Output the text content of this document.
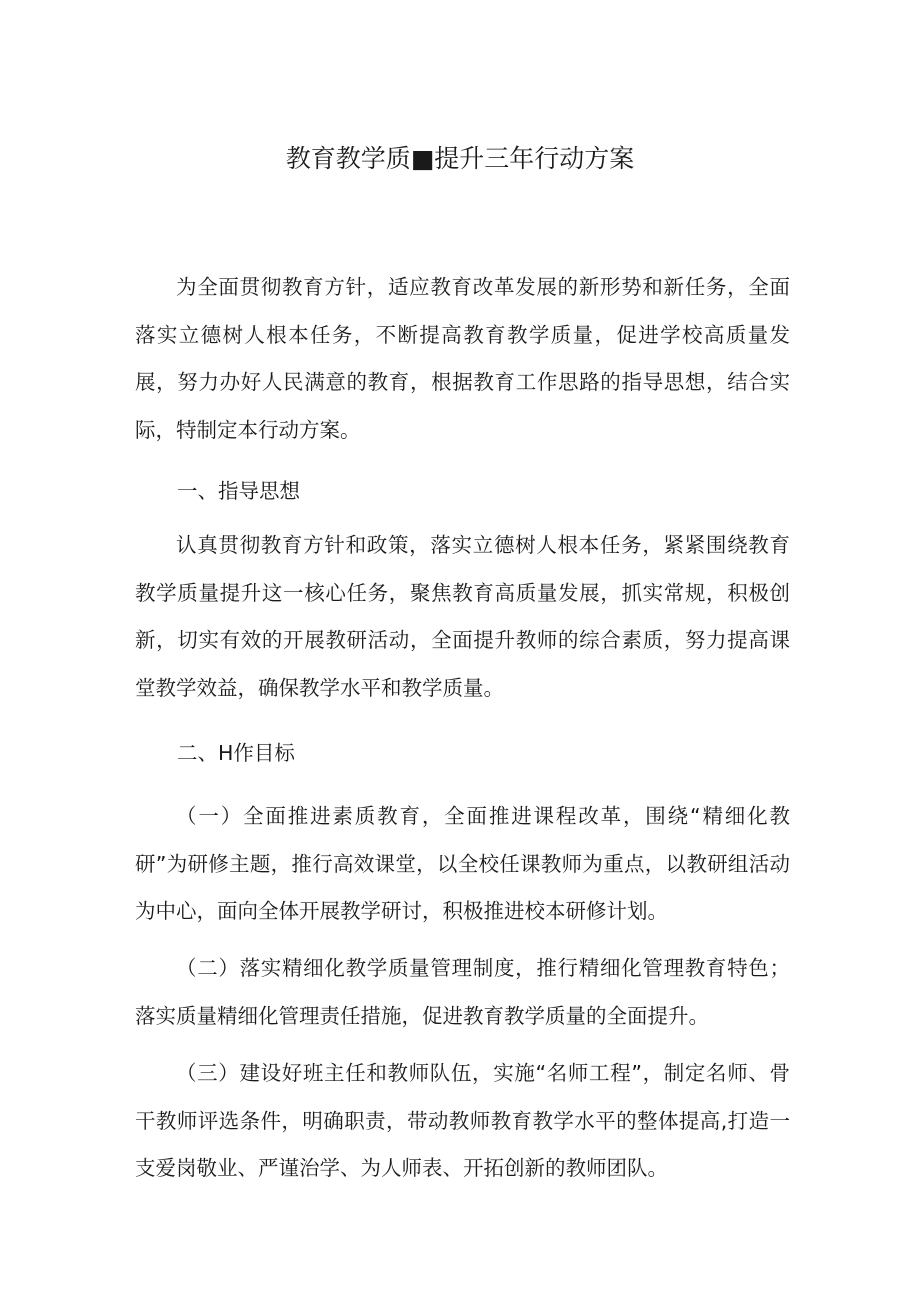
教育教学质■提升三年行动方案

为全面贯彻教育方针，适应教育改革发展的新形势和新任务，全面落实立德树人根本任务，不断提高教育教学质量，促进学校高质量发展，努力办好人民满意的教育，根据教育工作思路的指导思想，结合实际，特制定本行动方案。

一、指导思想

认真贯彻教育方针和政策，落实立德树人根本任务，紧紧围绕教育教学质量提升这一核心任务，聚焦教育高质量发展，抓实常规，积极创新，切实有效的开展教研活动，全面提升教师的综合素质，努力提高课堂教学效益，确保教学水平和教学质量。

二、H作目标

（一）全面推进素质教育，全面推进课程改革，围绕“精细化教研”为研修主题，推行高效课堂，以全校任课教师为重点，以教研组活动为中心，面向全体开展教学研讨，积极推进校本研修计划。

（二）落实精细化教学质量管理制度，推行精细化管理教育特色；落实质量精细化管理责任措施，促进教育教学质量的全面提升。

（三）建设好班主任和教师队伍，实施“名师工程”，制定名师、骨干教师评选条件，明确职责，带动教师教育教学水平的整体提高,打造一支爱岗敬业、严谨治学、为人师表、开拓创新的教师团队。
